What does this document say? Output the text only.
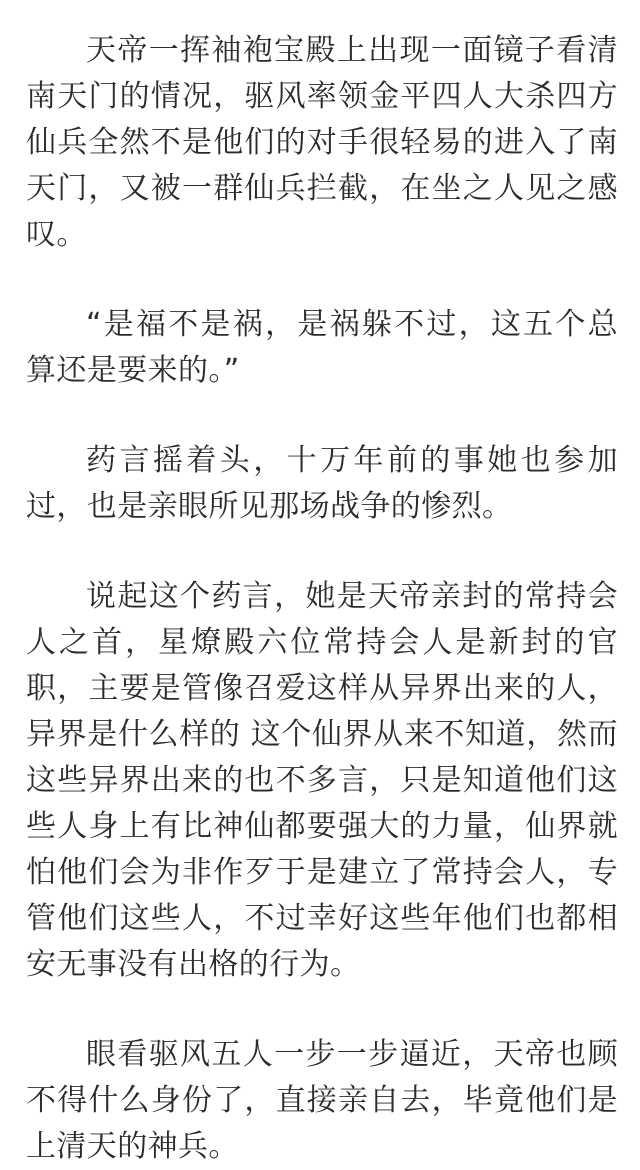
天帝一挥袖袍宝殿上出现一面镜子看清南天门的情况，驱风率领金平四人大杀四方仙兵全然不是他们的对手很轻易的进入了南天门，又被一群仙兵拦截，在坐之人见之感叹。

“是福不是祸，是祸躲不过，这五个总算还是要来的。”

药言摇着头，十万年前的事她也参加过，也是亲眼所见那场战争的惨烈。

说起这个药言，她是天帝亲封的常持会人之首，星燎殿六位常持会人是新封的官职，主要是管像召爱这样从异界出来的人，异界是什么样的 这个仙界从来不知道，然而这些异界出来的也不多言，只是知道他们这些人身上有比神仙都要强大的力量，仙界就怕他们会为非作歹于是建立了常持会人，专管他们这些人，不过幸好这些年他们也都相安无事没有出格的行为。

眼看驱风五人一步一步逼近，天帝也顾不得什么身份了，直接亲自去，毕竟他们是上清天的神兵。
